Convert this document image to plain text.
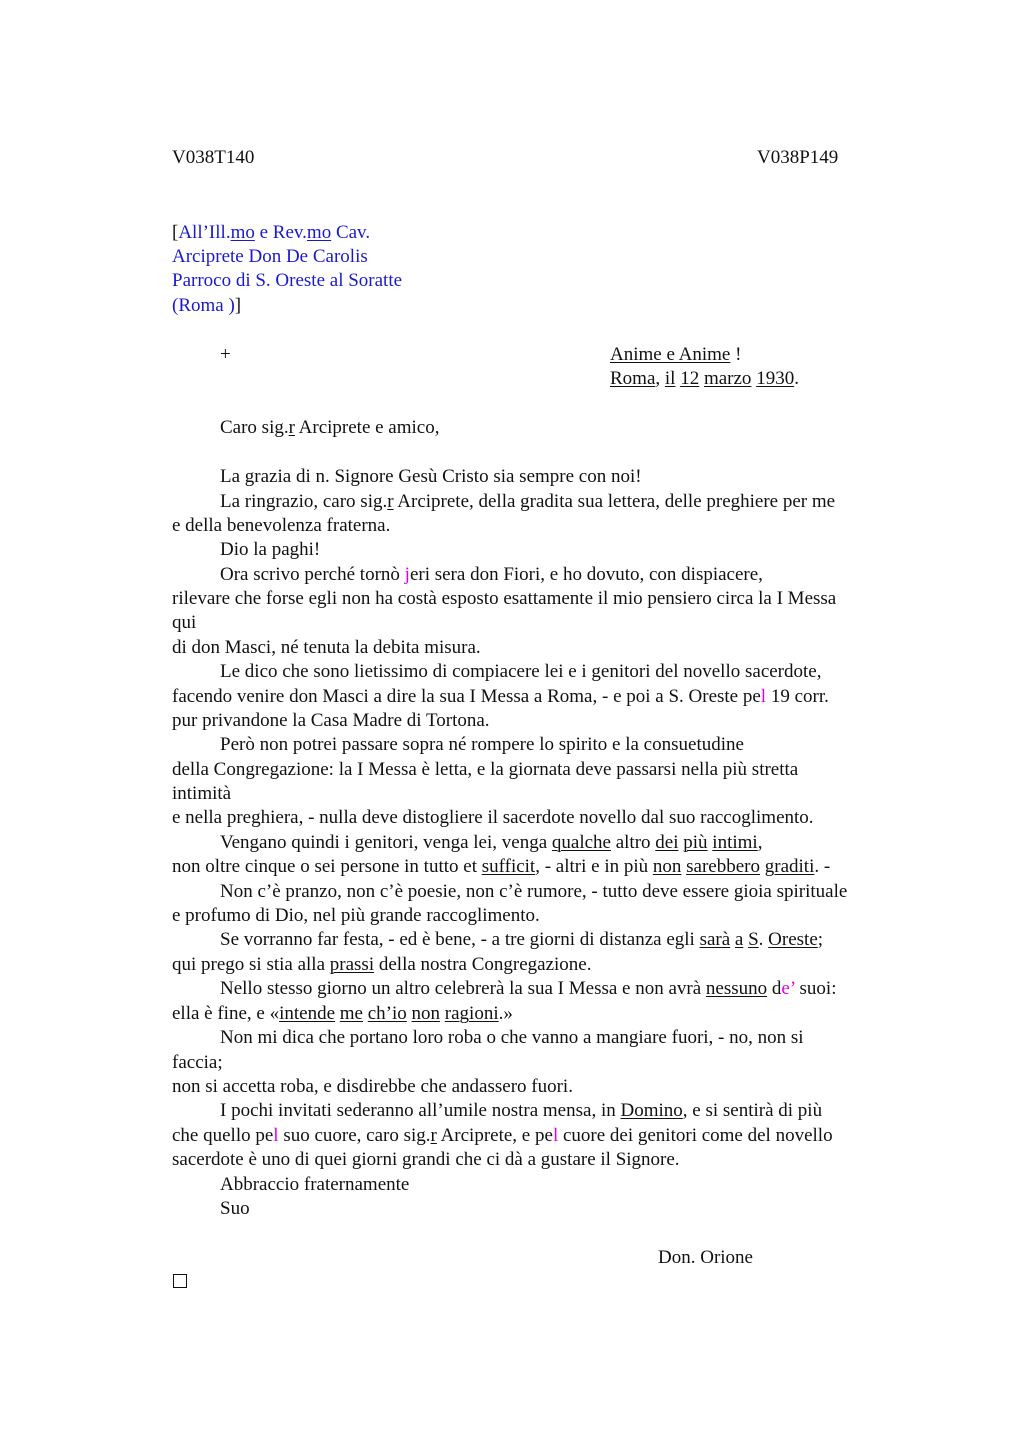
V038T140	V038P149
[All’Ill.mo e Rev.mo Cav.
Arciprete Don De Carolis
Parroco di S. Oreste al Soratte
(Roma )]
+	Anime e Anime !
Roma, il 12 marzo 1930.
Caro sig.r Arciprete e amico,
La grazia di n. Signore Gesù Cristo sia sempre con noi!
La ringrazio, caro sig.r Arciprete, della gradita sua lettera, delle preghiere per me
e della benevolenza fraterna.
Dio la paghi!
Ora scrivo perché tornò jeri sera don Fiori, e ho dovuto, con dispiacere,
rilevare che forse egli non ha costà esposto esattamente il mio pensiero circa la I Messa
qui
di don Masci, né tenuta la debita misura.
Le dico che sono lietissimo di compiacere lei e i genitori del novello sacerdote,
facendo venire don Masci a dire la sua I Messa a Roma, - e poi a S. Oreste pel 19 corr.
pur privandone la Casa Madre di Tortona.
Però non potrei passare sopra né rompere lo spirito e la consuetudine
della Congregazione: la I Messa è letta, e la giornata deve passarsi nella più stretta
intimità
e nella preghiera, - nulla deve distogliere il sacerdote novello dal suo raccoglimento.
Vengano quindi i genitori, venga lei, venga qualche altro dei più intimi,
non oltre cinque o sei persone in tutto et sufficit, - altri e in più non sarebbero graditi. -
Non c’è pranzo, non c’è poesie, non c’è rumore, - tutto deve essere gioia spirituale
e profumo di Dio, nel più grande raccoglimento.
Se vorranno far festa, - ed è bene, - a tre giorni di distanza egli sarà a S. Oreste;
qui prego si stia alla prassi della nostra Congregazione.
Nello stesso giorno un altro celebrerà la sua I Messa e non avrà nessuno de’ suoi:
ella è fine, e «intende me ch’io non ragioni.»
Non mi dica che portano loro roba o che vanno a mangiare fuori, - no, non si
faccia;
non si accetta roba, e disdirebbe che andassero fuori.
I pochi invitati sederanno all’umile nostra mensa, in Domino, e si sentirà di più
che quello pel suo cuore, caro sig.r Arciprete, e pel cuore dei genitori come del novello
sacerdote è uno di quei giorni grandi che ci dà a gustare il Signore.
Abbraccio fraternamente
Suo
Don. Orione
